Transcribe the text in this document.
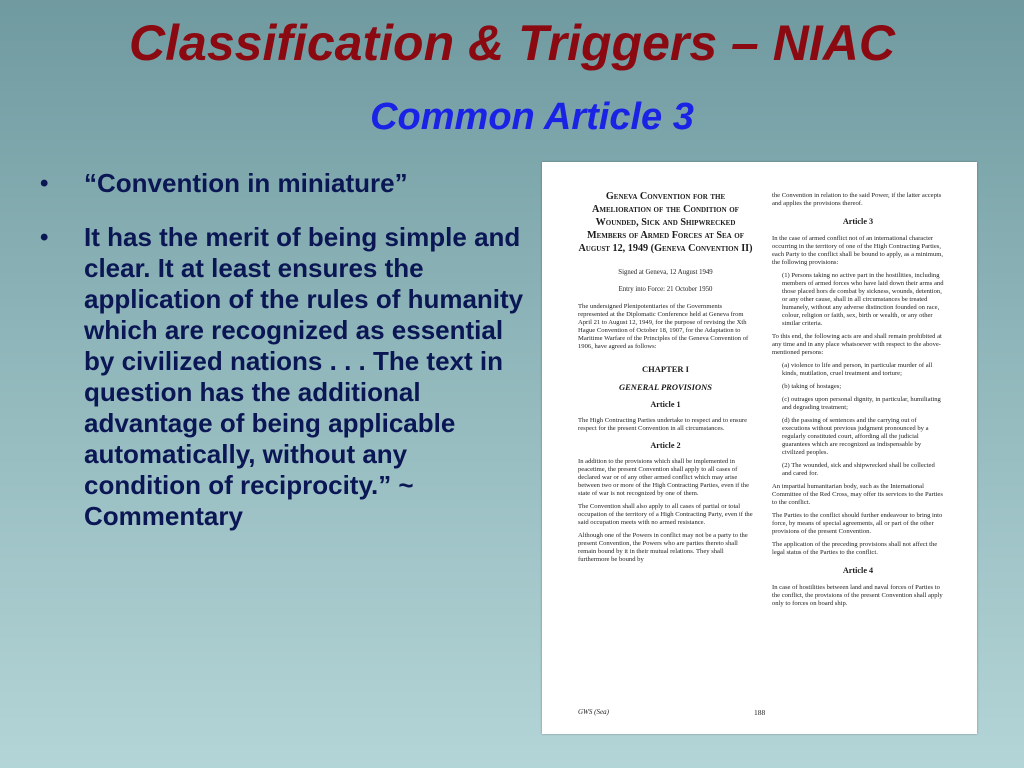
Classification & Triggers – NIAC
Common Article 3
• “Convention in miniature”
• It has the merit of being simple and clear. It at least ensures the application of the rules of humanity which are recognized as essential by civilized nations . . . The text in question has the additional advantage of being applicable automatically, without any condition of reciprocity.” ~ Commentary
Geneva Convention for the Amelioration of the Condition of Wounded, Sick and Shipwrecked Members of Armed Forces at Sea of August 12, 1949 (Geneva Convention II)

Signed at Geneva, 12 August 1949

Entry into Force: 21 October 1950

The undersigned Plenipotentiaries of the Governments represented at the Diplomatic Conference held at Geneva from April 21 to August 12, 1949, for the purpose of revising the Xth Hague Convention of October 18, 1907, for the Adaptation to Maritime Warfare of the Principles of the Geneva Convention of 1906, have agreed as follows:

CHAPTER I
GENERAL PROVISIONS
Article 1

The High Contracting Parties undertake to respect and to ensure respect for the present Convention in all circumstances.

Article 2

In addition to the provisions which shall be implemented in peacetime, the present Convention shall apply to all cases of declared war or of any other armed conflict which may arise between two or more of the High Contracting Parties, even if the state of war is not recognized by one of them.

The Convention shall also apply to all cases of partial or total occupation of the territory of a High Contracting Party, even if the said occupation meets with no armed resistance.

Although one of the Powers in conflict may not be a party to the present Convention, the Powers who are parties thereto shall remain bound by it in their mutual relations. They shall furthermore be bound by

the Convention in relation to the said Power, if the latter accepts and applies the provisions thereof.

Article 3

In the case of armed conflict not of an international character occurring in the territory of one of the High Contracting Parties, each Party to the conflict shall be bound to apply, as a minimum, the following provisions:

(1) Persons taking no active part in the hostilities, including members of armed forces who have laid down their arms and those placed hors de combat by sickness, wounds, detention, or any other cause, shall in all circumstances be treated humanely, without any adverse distinction founded on race, colour, religion or faith, sex, birth or wealth, or any other similar criteria.

To this end, the following acts are and shall remain prohibited at any time and in any place whatsoever with respect to the above-mentioned persons:

(a) violence to life and person, in particular murder of all kinds, mutilation, cruel treatment and torture;

(b) taking of hostages;

(c) outrages upon personal dignity, in particular, humiliating and degrading treatment;

(d) the passing of sentences and the carrying out of executions without previous judgment pronounced by a regularly constituted court, affording all the judicial guarantees which are recognized as indispensable by civilized peoples.

(2) The wounded, sick and shipwrecked shall be collected and cared for.

An impartial humanitarian body, such as the International Committee of the Red Cross, may offer its services to the Parties to the conflict.

The Parties to the conflict should further endeavour to bring into force, by means of special agreements, all or part of the other provisions of the present Convention.

The application of the preceding provisions shall not affect the legal status of the Parties to the conflict.

Article 4

In case of hostilities between land and naval forces of Parties to the conflict, the provisions of the present Convention shall apply only to forces on board ship.

GWS (Sea)	188
